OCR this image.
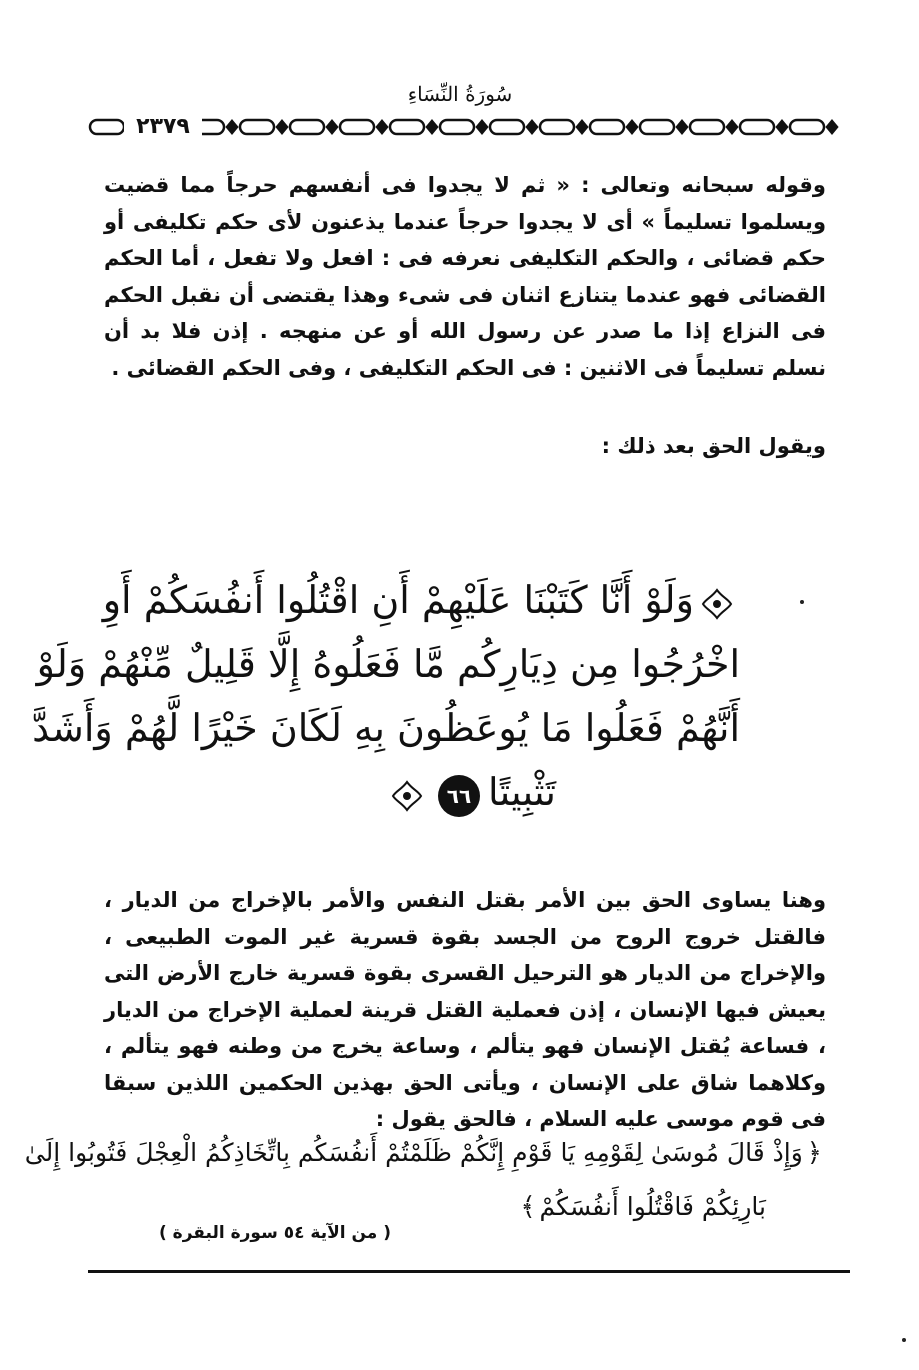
سُورَةُ النِّسَاءِ
٢٣٧٩

وقوله سبحانه وتعالى : « ثم لا يجدوا فى أنفسهم حرجاً مما قضيت ويسلموا تسليماً » أى لا يجدوا حرجاً عندما يذعنون لأى حكم تكليفى أو حكم قضائى ، والحكم التكليفى نعرفه فى : افعل ولا تفعل ، أما الحكم القضائى فهو عندما يتنازع اثنان فى شىء وهذا يقتضى أن نقبل الحكم فى النزاع إذا ما صدر عن رسول الله أو عن منهجه . إذن فلا بد أن نسلم تسليماً فى الاثنين : فى الحكم التكليفى ، وفى الحكم القضائى .

ويقول الحق بعد ذلك :

وَلَوْ أَنَّا كَتَبْنَا عَلَيْهِمْ أَنِ اقْتُلُوا أَنفُسَكُمْ أَوِ
اخْرُجُوا مِن دِيَارِكُم مَّا فَعَلُوهُ إِلَّا قَلِيلٌ مِّنْهُمْ وَلَوْ
أَنَّهُمْ فَعَلُوا مَا يُوعَظُونَ بِهِ لَكَانَ خَيْرًا لَّهُمْ وَأَشَدَّ
تَثْبِيتًا٦٦

وهنا يساوى الحق بين الأمر بقتل النفس والأمر بالإخراج من الديار ، فالقتل خروج الروح من الجسد بقوة قسرية غير الموت الطبيعى ، والإخراج من الديار هو الترحيل القسرى بقوة قسرية خارج الأرض التى يعيش فيها الإنسان ، إذن فعملية القتل قرينة لعملية الإخراج من الديار ، فساعة يُقتل الإنسان فهو يتألم ، وساعة يخرج من وطنه فهو يتألم ، وكلاهما شاق على الإنسان ، ويأتى الحق بهذين الحكمين اللذين سبقا فى قوم موسى عليه السلام ، فالحق يقول :

﴿وَإِذْ قَالَ مُوسَىٰ لِقَوْمِهِ يَا قَوْمِ إِنَّكُمْ ظَلَمْتُمْ أَنفُسَكُم بِاتِّخَاذِكُمُ الْعِجْلَ فَتُوبُوا إِلَىٰ
بَارِئِكُمْ فَاقْتُلُوا أَنفُسَكُمْ﴾
( من الآية ٥٤ سورة البقرة )
